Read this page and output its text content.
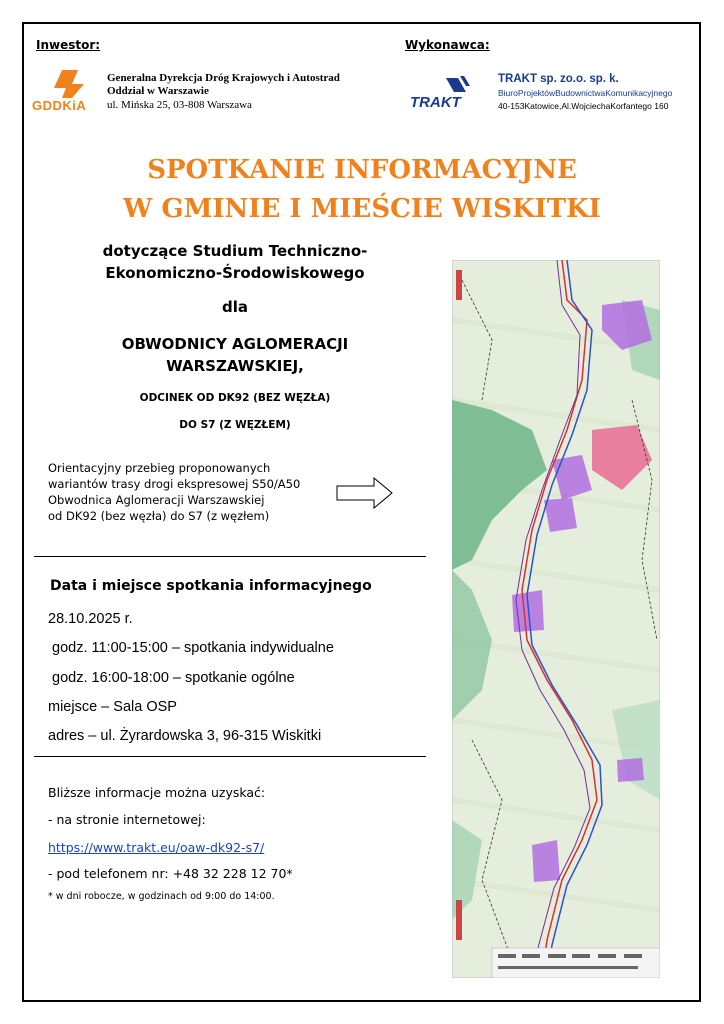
Inwestor:	Wykonawca:
GDDKiA
Generalna Dyrekcja Dróg Krajowych i Autostrad
Oddział w Warszawie
ul. Mińska 25, 03-808 Warszawa	TRAKT
TRAKT sp. zo.o. sp. k.
BiuroProjektówBudownictwaKomunikacyjnego
40-153Katowice,Al.WojciechaKorfantego 160
SPOTKANIE INFORMACYJNE
W GMINIE I MIEŚCIE WISKITKI
dotyczące Studium Techniczno-
Ekonomiczno-Środowiskowego
dla
OBWODNICY AGLOMERACJI
WARSZAWSKIEJ,
ODCINEK OD DK92 (BEZ WĘZŁA)
DO S7 (Z WĘZŁEM)
Orientacyjny przebieg proponowanych
wariantów trasy drogi ekspresowej S50/A50
Obwodnica Aglomeracji Warszawskiej
od DK92 (bez węzła) do S7 (z węzłem)
Data i miejsce spotkania informacyjnego
28.10.2025 r.
godz. 11:00-15:00 – spotkania indywidualne
godz. 16:00-18:00 – spotkanie ogólne
miejsce – Sala OSP
adres – ul. Żyrardowska 3, 96-315 Wiskitki
Bliższe informacje można uzyskać:
- na stronie internetowej:
https://www.trakt.eu/oaw-dk92-s7/
- pod telefonem nr: +48 32 228 12 70*
* w dni robocze, w godzinach od 9:00 do 14:00.
